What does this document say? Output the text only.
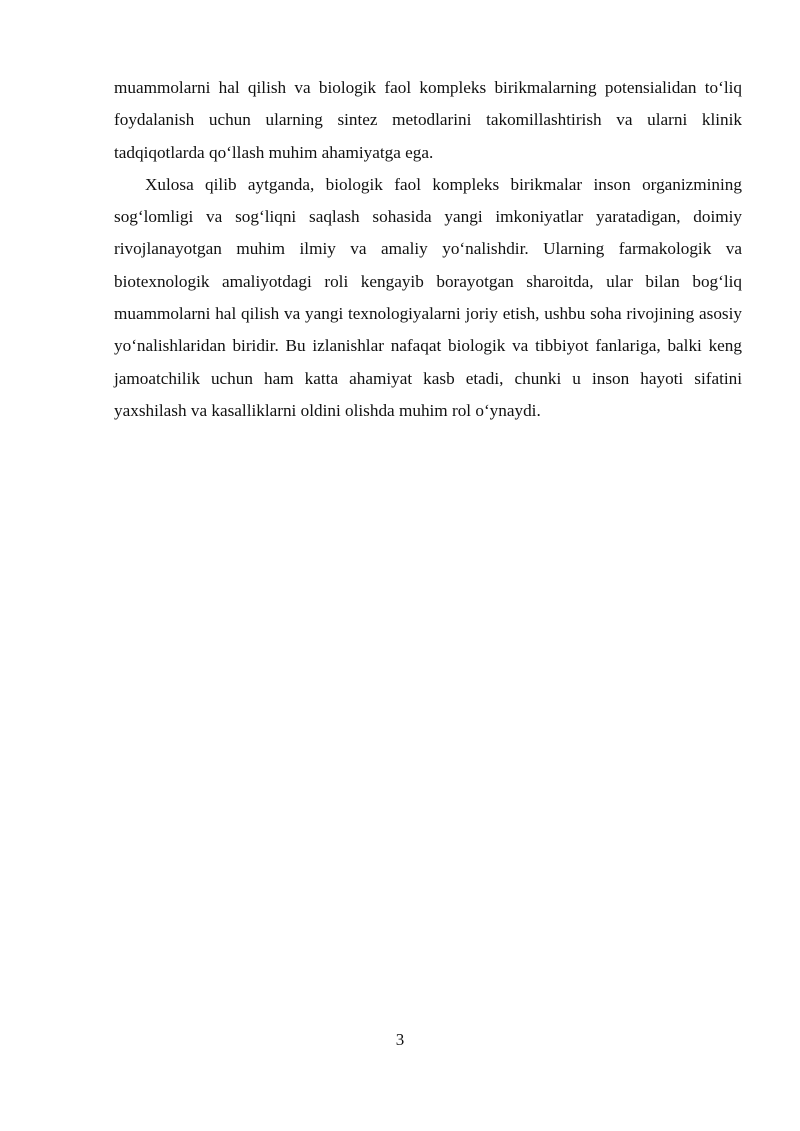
muammolarni hal qilish va biologik faol kompleks birikmalarning potensialidan to‘liq foydalanish uchun ularning sintez metodlarini takomillashtirish va ularni klinik tadqiqotlarda qo‘llash muhim ahamiyatga ega.

Xulosa qilib aytganda, biologik faol kompleks birikmalar inson organizmining sog‘lomligi va sog‘liqni saqlash sohasida yangi imkoniyatlar yaratadigan, doimiy rivojlanayotgan muhim ilmiy va amaliy yo‘nalishdir. Ularning farmakologik va biotexnologik amaliyotdagi roli kengayib borayotgan sharoitda, ular bilan bog‘liq muammolarni hal qilish va yangi texnologiyalarni joriy etish, ushbu soha rivojining asosiy yo‘nalishlaridan biridir. Bu izlanishlar nafaqat biologik va tibbiyot fanlariga, balki keng jamoatchilik uchun ham katta ahamiyat kasb etadi, chunki u inson hayoti sifatini yaxshilash va kasalliklarni oldini olishda muhim rol o‘ynaydi.

3
